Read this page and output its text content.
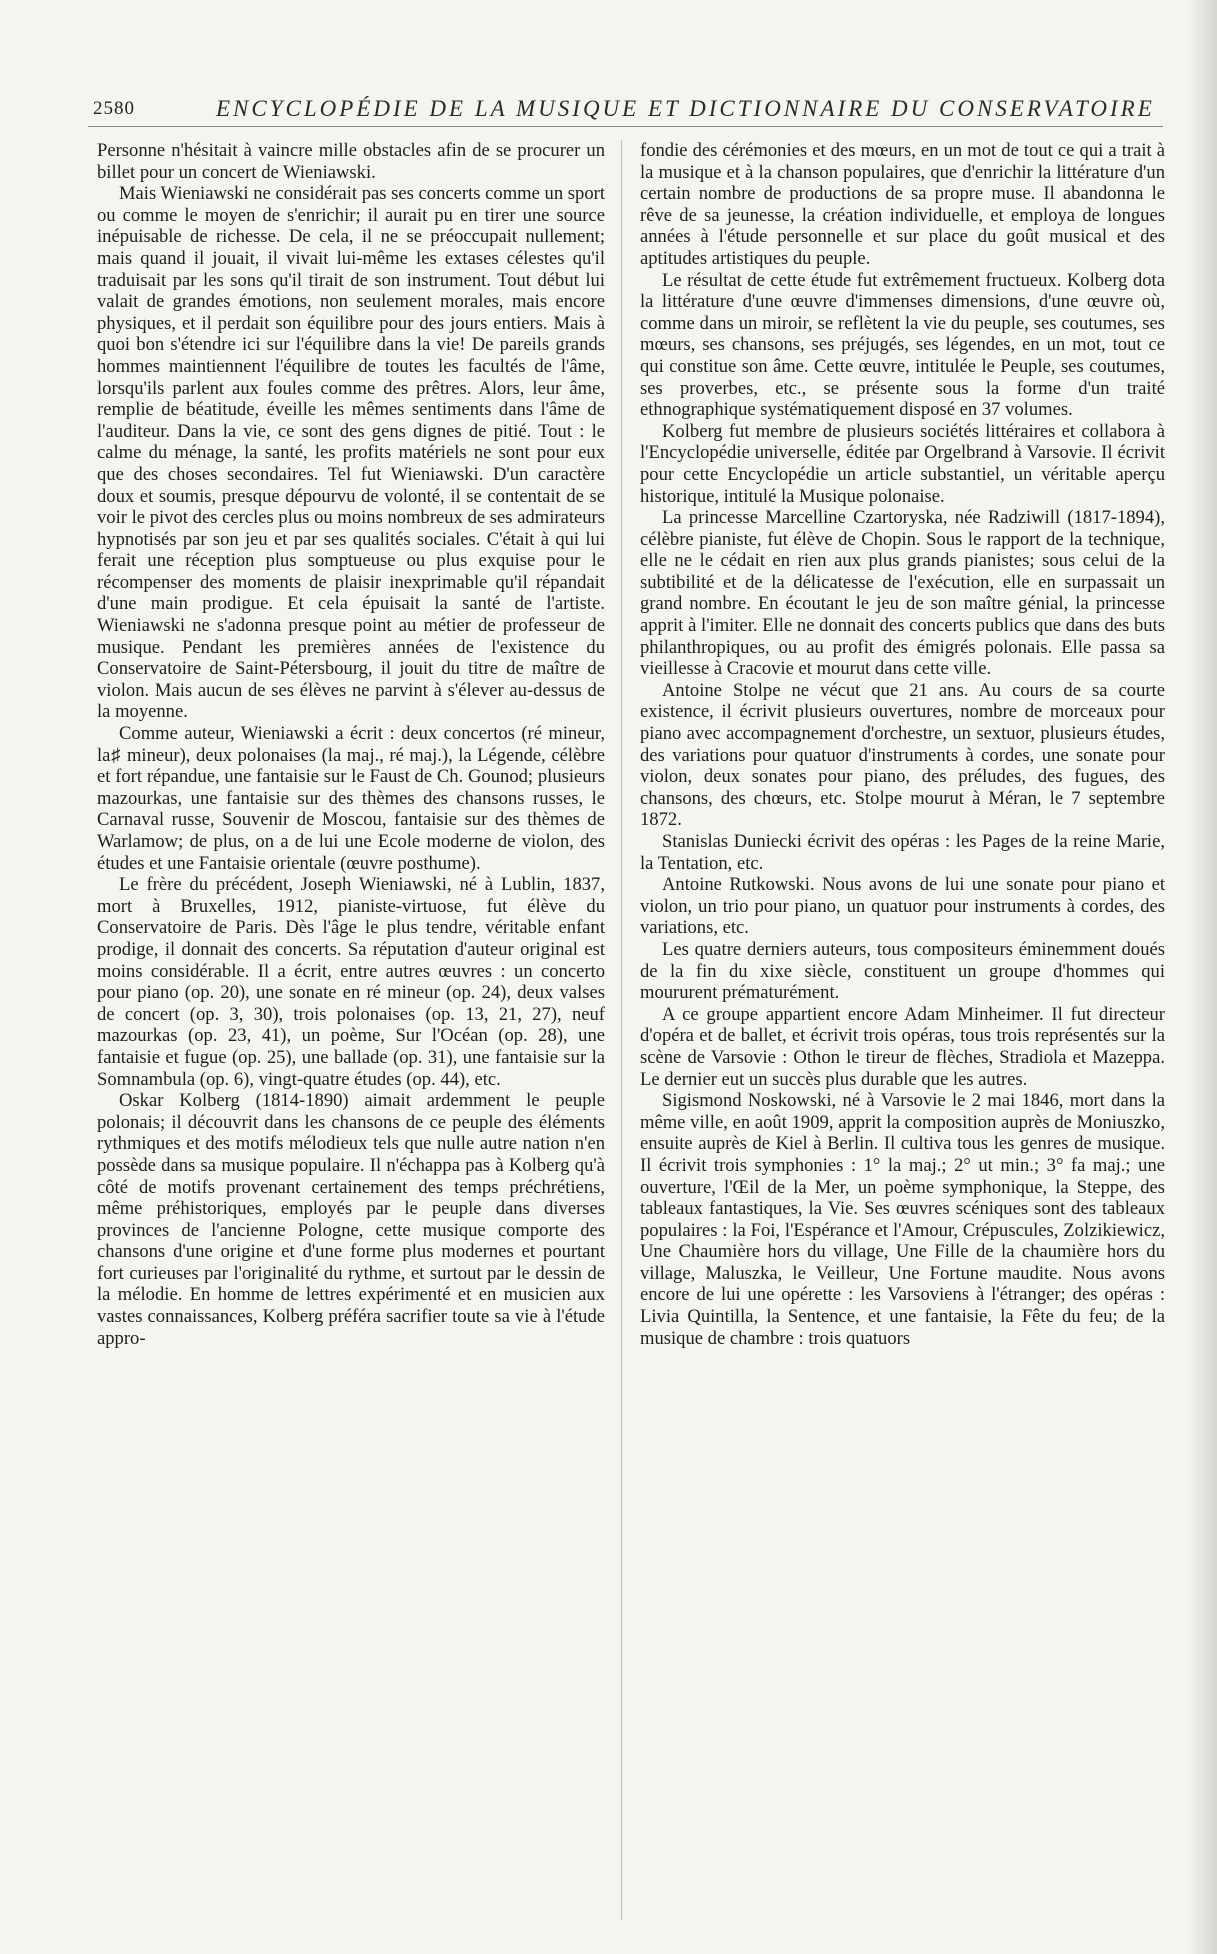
2580	ENCYCLOPÉDIE DE LA MUSIQUE ET DICTIONNAIRE DU CONSERVATOIRE

Personne n'hésitait à vaincre mille obstacles afin de se procurer un billet pour un concert de Wieniawski.

Mais Wieniawski ne considérait pas ses concerts comme un sport ou comme le moyen de s'enrichir; il aurait pu en tirer une source inépuisable de richesse. De cela, il ne se préoccupait nullement; mais quand il jouait, il vivait lui-même les extases célestes qu'il traduisait par les sons qu'il tirait de son instrument. Tout début lui valait de grandes émotions, non seulement morales, mais encore physiques, et il perdait son équilibre pour des jours entiers. Mais à quoi bon s'étendre ici sur l'équilibre dans la vie! De pareils grands hommes maintiennent l'équilibre de toutes les facultés de l'âme, lorsqu'ils parlent aux foules comme des prêtres. Alors, leur âme, remplie de béatitude, éveille les mêmes sentiments dans l'âme de l'auditeur. Dans la vie, ce sont des gens dignes de pitié. Tout : le calme du ménage, la santé, les profits matériels ne sont pour eux que des choses secondaires. Tel fut Wieniawski. D'un caractère doux et soumis, presque dépourvu de volonté, il se contentait de se voir le pivot des cercles plus ou moins nombreux de ses admirateurs hypnotisés par son jeu et par ses qualités sociales. C'était à qui lui ferait une réception plus somptueuse ou plus exquise pour le récompenser des moments de plaisir inexprimable qu'il répandait d'une main prodigue. Et cela épuisait la santé de l'artiste. Wieniawski ne s'adonna presque point au métier de professeur de musique. Pendant les premières années de l'existence du Conservatoire de Saint-Pétersbourg, il jouit du titre de maître de violon. Mais aucun de ses élèves ne parvint à s'élever au-dessus de la moyenne.

Comme auteur, Wieniawski a écrit : deux concertos (ré mineur, la♯ mineur), deux polonaises (la maj., ré maj.), la Légende, célèbre et fort répandue, une fantaisie sur le Faust de Ch. Gounod; plusieurs mazourkas, une fantaisie sur des thèmes des chansons russes, le Carnaval russe, Souvenir de Moscou, fantaisie sur des thèmes de Warlamow; de plus, on a de lui une Ecole moderne de violon, des études et une Fantaisie orientale (œuvre posthume).

Le frère du précédent, Joseph Wieniawski, né à Lublin, 1837, mort à Bruxelles, 1912, pianiste-virtuose, fut élève du Conservatoire de Paris. Dès l'âge le plus tendre, véritable enfant prodige, il donnait des concerts. Sa réputation d'auteur original est moins considérable. Il a écrit, entre autres œuvres : un concerto pour piano (op. 20), une sonate en ré mineur (op. 24), deux valses de concert (op. 3, 30), trois polonaises (op. 13, 21, 27), neuf mazourkas (op. 23, 41), un poème, Sur l'Océan (op. 28), une fantaisie et fugue (op. 25), une ballade (op. 31), une fantaisie sur la Somnambula (op. 6), vingt-quatre études (op. 44), etc.

Oskar Kolberg (1814-1890) aimait ardemment le peuple polonais; il découvrit dans les chansons de ce peuple des éléments rythmiques et des motifs mélodieux tels que nulle autre nation n'en possède dans sa musique populaire. Il n'échappa pas à Kolberg qu'à côté de motifs provenant certainement des temps préchrétiens, même préhistoriques, employés par le peuple dans diverses provinces de l'ancienne Pologne, cette musique comporte des chansons d'une origine et d'une forme plus modernes et pourtant fort curieuses par l'originalité du rythme, et surtout par le dessin de la mélodie. En homme de lettres expérimenté et en musicien aux vastes connaissances, Kolberg préféra sacrifier toute sa vie à l'étude appro-

fondie des cérémonies et des mœurs, en un mot de tout ce qui a trait à la musique et à la chanson populaires, que d'enrichir la littérature d'un certain nombre de productions de sa propre muse. Il abandonna le rêve de sa jeunesse, la création individuelle, et employa de longues années à l'étude personnelle et sur place du goût musical et des aptitudes artistiques du peuple.

Le résultat de cette étude fut extrêmement fructueux. Kolberg dota la littérature d'une œuvre d'immenses dimensions, d'une œuvre où, comme dans un miroir, se reflètent la vie du peuple, ses coutumes, ses mœurs, ses chansons, ses préjugés, ses légendes, en un mot, tout ce qui constitue son âme. Cette œuvre, intitulée le Peuple, ses coutumes, ses proverbes, etc., se présente sous la forme d'un traité ethnographique systématiquement disposé en 37 volumes.

Kolberg fut membre de plusieurs sociétés littéraires et collabora à l'Encyclopédie universelle, éditée par Orgelbrand à Varsovie. Il écrivit pour cette Encyclopédie un article substantiel, un véritable aperçu historique, intitulé la Musique polonaise.

La princesse Marcelline Czartoryska, née Radziwill (1817-1894), célèbre pianiste, fut élève de Chopin. Sous le rapport de la technique, elle ne le cédait en rien aux plus grands pianistes; sous celui de la subtibilité et de la délicatesse de l'exécution, elle en surpassait un grand nombre. En écoutant le jeu de son maître génial, la princesse apprit à l'imiter. Elle ne donnait des concerts publics que dans des buts philanthropiques, ou au profit des émigrés polonais. Elle passa sa vieillesse à Cracovie et mourut dans cette ville.

Antoine Stolpe ne vécut que 21 ans. Au cours de sa courte existence, il écrivit plusieurs ouvertures, nombre de morceaux pour piano avec accompagnement d'orchestre, un sextuor, plusieurs études, des variations pour quatuor d'instruments à cordes, une sonate pour violon, deux sonates pour piano, des préludes, des fugues, des chansons, des chœurs, etc. Stolpe mourut à Méran, le 7 septembre 1872.

Stanislas Duniecki écrivit des opéras : les Pages de la reine Marie, la Tentation, etc.

Antoine Rutkowski. Nous avons de lui une sonate pour piano et violon, un trio pour piano, un quatuor pour instruments à cordes, des variations, etc.

Les quatre derniers auteurs, tous compositeurs éminemment doués de la fin du xixe siècle, constituent un groupe d'hommes qui moururent prématurément.

A ce groupe appartient encore Adam Minheimer. Il fut directeur d'opéra et de ballet, et écrivit trois opéras, tous trois représentés sur la scène de Varsovie : Othon le tireur de flèches, Stradiola et Mazeppa. Le dernier eut un succès plus durable que les autres.

Sigismond Noskowski, né à Varsovie le 2 mai 1846, mort dans la même ville, en août 1909, apprit la composition auprès de Moniuszko, ensuite auprès de Kiel à Berlin. Il cultiva tous les genres de musique. Il écrivit trois symphonies : 1° la maj.; 2° ut min.; 3° fa maj.; une ouverture, l'Œil de la Mer, un poème symphonique, la Steppe, des tableaux fantastiques, la Vie. Ses œuvres scéniques sont des tableaux populaires : la Foi, l'Espérance et l'Amour, Crépuscules, Zolzikiewicz, Une Chaumière hors du village, Une Fille de la chaumière hors du village, Maluszka, le Veilleur, Une Fortune maudite. Nous avons encore de lui une opérette : les Varsoviens à l'étranger; des opéras : Livia Quintilla, la Sentence, et une fantaisie, la Fête du feu; de la musique de chambre : trois quatuors
